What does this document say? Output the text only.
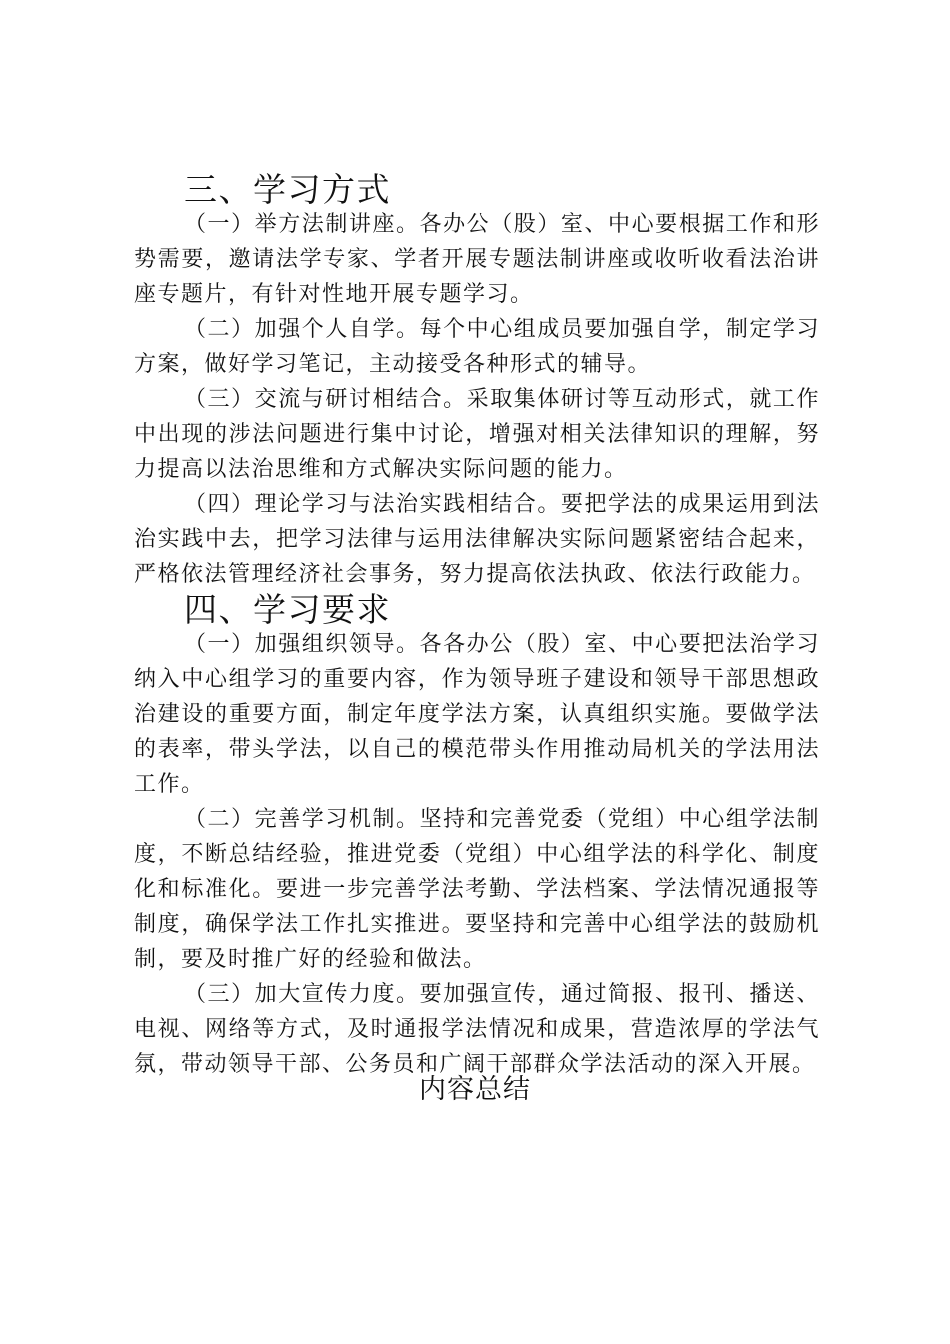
三、学习方式

（一）举方法制讲座。各办公（股）室、中心要根据工作和形势需要，邀请法学专家、学者开展专题法制讲座或收听收看法治讲座专题片，有针对性地开展专题学习。

（二）加强个人自学。每个中心组成员要加强自学，制定学习方案，做好学习笔记，主动接受各种形式的辅导。

（三）交流与研讨相结合。采取集体研讨等互动形式，就工作中出现的涉法问题进行集中讨论，增强对相关法律知识的理解，努力提高以法治思维和方式解决实际问题的能力。

（四）理论学习与法治实践相结合。要把学法的成果运用到法治实践中去，把学习法律与运用法律解决实际问题紧密结合起来，严格依法管理经济社会事务，努力提高依法执政、依法行政能力。

四、学习要求

（一）加强组织领导。各各办公（股）室、中心要把法治学习纳入中心组学习的重要内容，作为领导班子建设和领导干部思想政治建设的重要方面，制定年度学法方案，认真组织实施。要做学法的表率，带头学法，以自己的模范带头作用推动局机关的学法用法工作。

（二）完善学习机制。坚持和完善党委（党组）中心组学法制度，不断总结经验，推进党委（党组）中心组学法的科学化、制度化和标准化。要进一步完善学法考勤、学法档案、学法情况通报等制度，确保学法工作扎实推进。要坚持和完善中心组学法的鼓励机制，要及时推广好的经验和做法。

（三）加大宣传力度。要加强宣传，通过简报、报刊、播送、电视、网络等方式，及时通报学法情况和成果，营造浓厚的学法气氛，带动领导干部、公务员和广阔干部群众学法活动的深入开展。

内容总结
